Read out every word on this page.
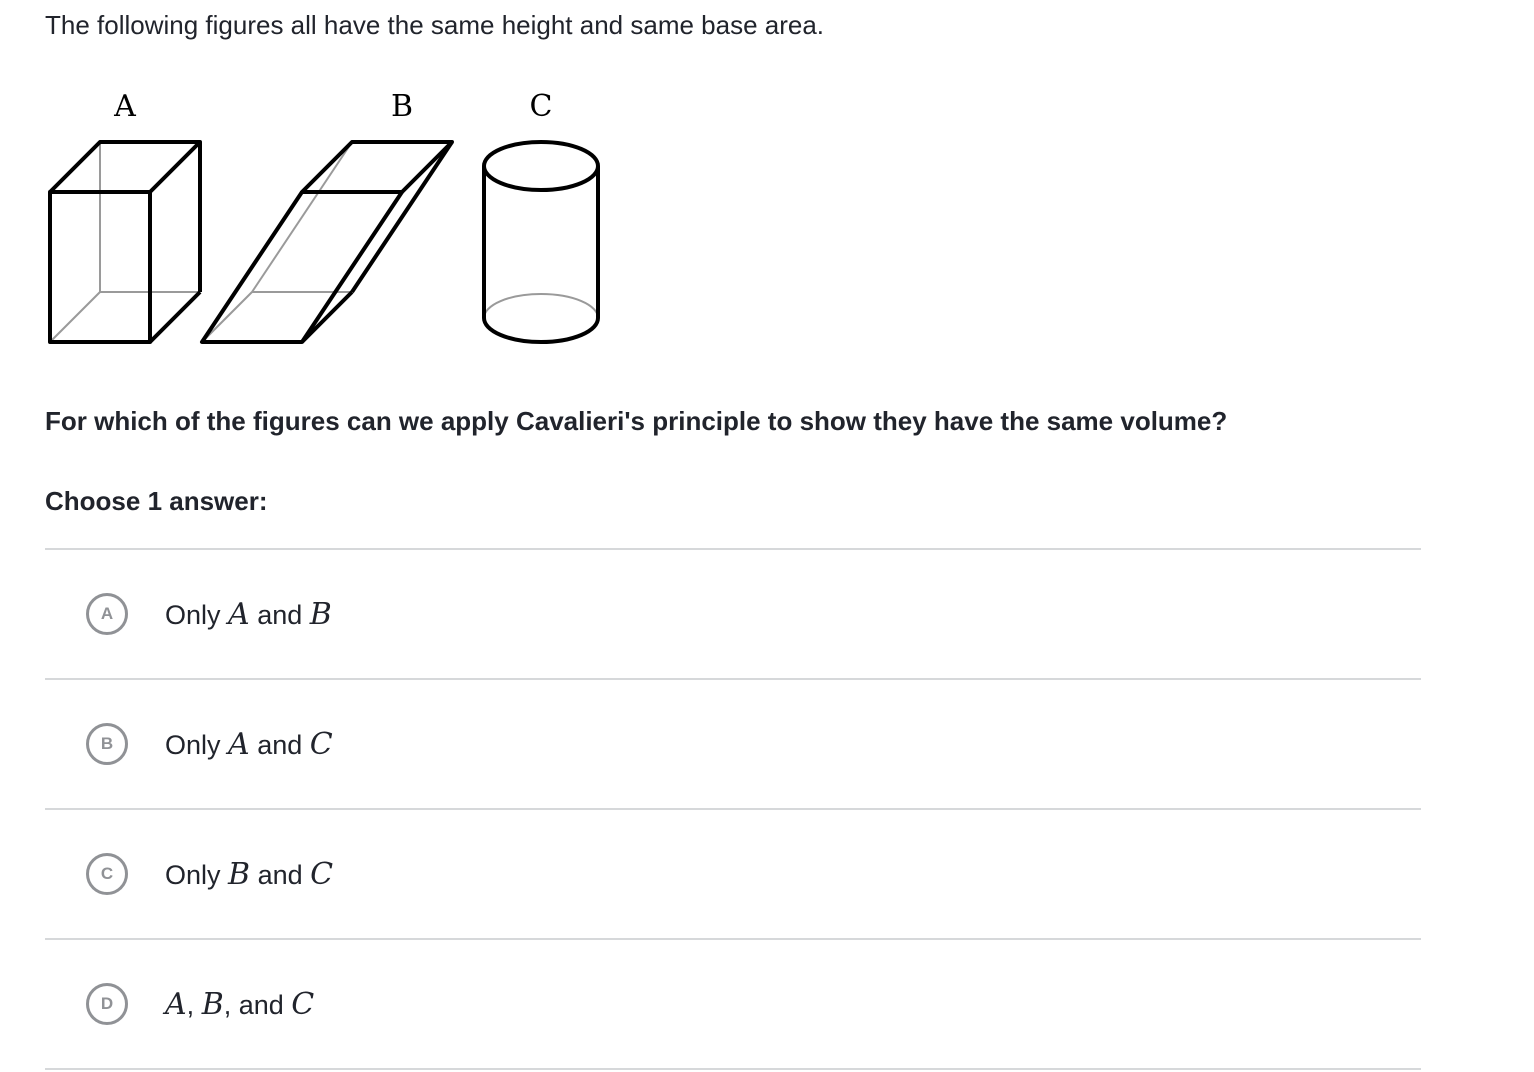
The following figures all have the same height and same base area.

A	B	C

For which of the figures can we apply Cavalieri's principle to show they have the same volume?

Choose 1 answer:

A	Only A and B
B	Only A and C
C	Only B and C
D	A, B, and C
